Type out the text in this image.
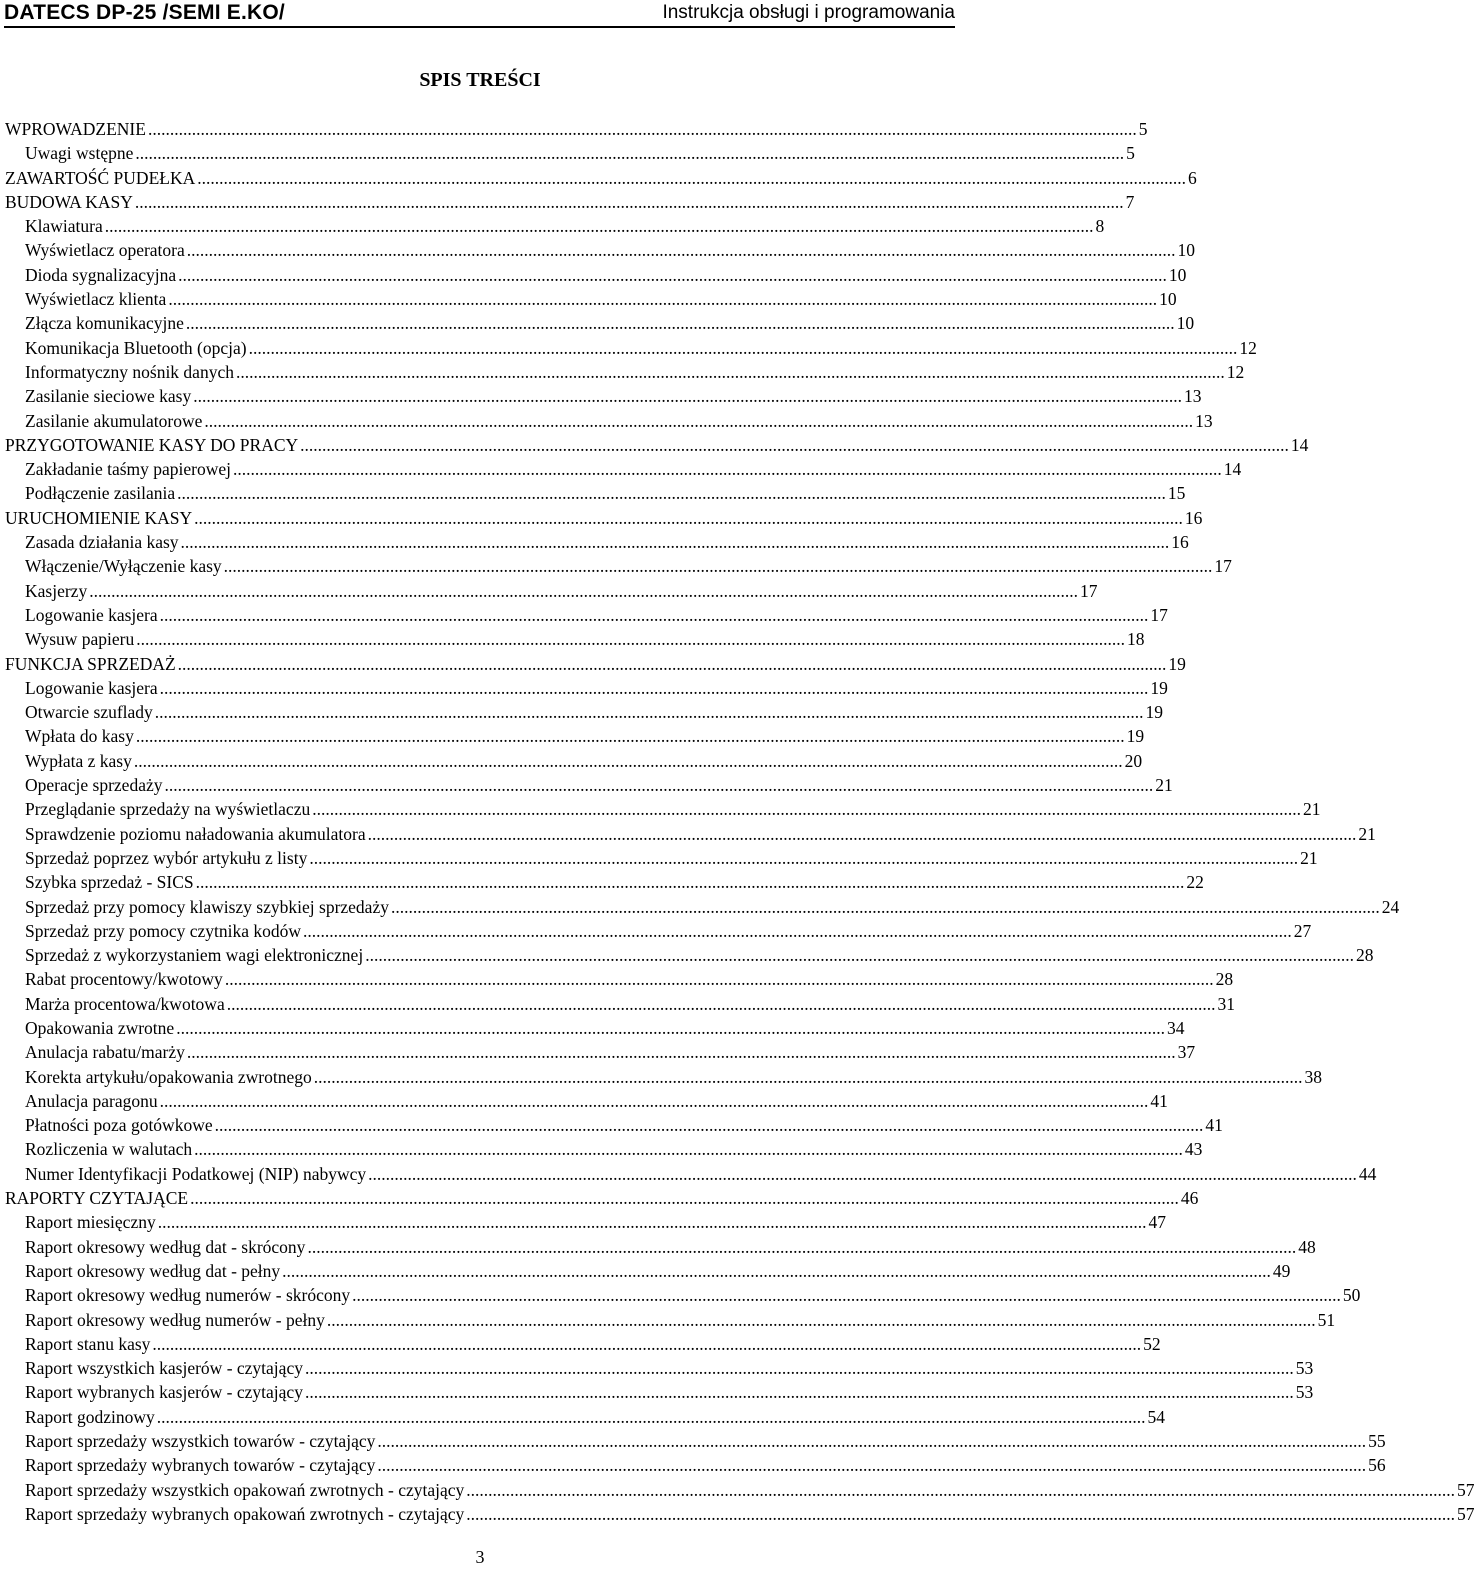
DATECS DP-25 /SEMI E.KO/	Instrukcja obsługi i programowania
SPIS TREŚCI
WPROWADZENIE .................................................................................................................................................................................................................................. 5
Uwagi wstępne .................................................................................................................................................................................................................................. 5
ZAWARTOŚĆ PUDEŁKA .................................................................................................................................................................................................................................. 6
BUDOWA KASY .................................................................................................................................................................................................................................. 7
Klawiatura .................................................................................................................................................................................................................................. 8
Wyświetlacz operatora .................................................................................................................................................................................................................................. 10
Dioda sygnalizacyjna .................................................................................................................................................................................................................................. 10
Wyświetlacz klienta .................................................................................................................................................................................................................................. 10
Złącza komunikacyjne .................................................................................................................................................................................................................................. 10
Komunikacja Bluetooth (opcja) .................................................................................................................................................................................................................................. 12
Informatyczny nośnik danych .................................................................................................................................................................................................................................. 12
Zasilanie sieciowe kasy .................................................................................................................................................................................................................................. 13
Zasilanie akumulatorowe .................................................................................................................................................................................................................................. 13
PRZYGOTOWANIE KASY DO PRACY .................................................................................................................................................................................................................................. 14
Zakładanie taśmy papierowej .................................................................................................................................................................................................................................. 14
Podłączenie zasilania .................................................................................................................................................................................................................................. 15
URUCHOMIENIE KASY .................................................................................................................................................................................................................................. 16
Zasada działania kasy .................................................................................................................................................................................................................................. 16
Włączenie/Wyłączenie kasy .................................................................................................................................................................................................................................. 17
Kasjerzy .................................................................................................................................................................................................................................. 17
Logowanie kasjera .................................................................................................................................................................................................................................. 17
Wysuw papieru .................................................................................................................................................................................................................................. 18
FUNKCJA SPRZEDAŻ .................................................................................................................................................................................................................................. 19
Logowanie kasjera .................................................................................................................................................................................................................................. 19
Otwarcie szuflady .................................................................................................................................................................................................................................. 19
Wpłata do kasy .................................................................................................................................................................................................................................. 19
Wypłata z kasy .................................................................................................................................................................................................................................. 20
Operacje sprzedaży .................................................................................................................................................................................................................................. 21
Przeglądanie sprzedaży na wyświetlaczu .................................................................................................................................................................................................................................. 21
Sprawdzenie poziomu naładowania akumulatora .................................................................................................................................................................................................................................. 21
Sprzedaż poprzez wybór artykułu z listy .................................................................................................................................................................................................................................. 21
Szybka sprzedaż - SICS .................................................................................................................................................................................................................................. 22
Sprzedaż przy pomocy klawiszy szybkiej sprzedaży .................................................................................................................................................................................................................................. 24
Sprzedaż przy pomocy czytnika kodów .................................................................................................................................................................................................................................. 27
Sprzedaż z wykorzystaniem wagi elektronicznej .................................................................................................................................................................................................................................. 28
Rabat procentowy/kwotowy .................................................................................................................................................................................................................................. 28
Marża procentowa/kwotowa .................................................................................................................................................................................................................................. 31
Opakowania zwrotne .................................................................................................................................................................................................................................. 34
Anulacja rabatu/marży .................................................................................................................................................................................................................................. 37
Korekta artykułu/opakowania zwrotnego .................................................................................................................................................................................................................................. 38
Anulacja paragonu .................................................................................................................................................................................................................................. 41
Płatności poza gotówkowe .................................................................................................................................................................................................................................. 41
Rozliczenia w walutach .................................................................................................................................................................................................................................. 43
Numer Identyfikacji Podatkowej (NIP) nabywcy .................................................................................................................................................................................................................................. 44
RAPORTY CZYTAJĄCE .................................................................................................................................................................................................................................. 46
Raport miesięczny .................................................................................................................................................................................................................................. 47
Raport okresowy według dat - skrócony .................................................................................................................................................................................................................................. 48
Raport okresowy według dat - pełny .................................................................................................................................................................................................................................. 49
Raport okresowy według numerów - skrócony .................................................................................................................................................................................................................................. 50
Raport okresowy według numerów - pełny .................................................................................................................................................................................................................................. 51
Raport stanu kasy .................................................................................................................................................................................................................................. 52
Raport wszystkich kasjerów - czytający .................................................................................................................................................................................................................................. 53
Raport wybranych kasjerów - czytający .................................................................................................................................................................................................................................. 53
Raport godzinowy .................................................................................................................................................................................................................................. 54
Raport sprzedaży wszystkich towarów - czytający .................................................................................................................................................................................................................................. 55
Raport sprzedaży wybranych towarów - czytający .................................................................................................................................................................................................................................. 56
Raport sprzedaży wszystkich opakowań zwrotnych - czytający .................................................................................................................................................................................................................................. 57
Raport sprzedaży wybranych opakowań zwrotnych - czytający .................................................................................................................................................................................................................................. 57
3
